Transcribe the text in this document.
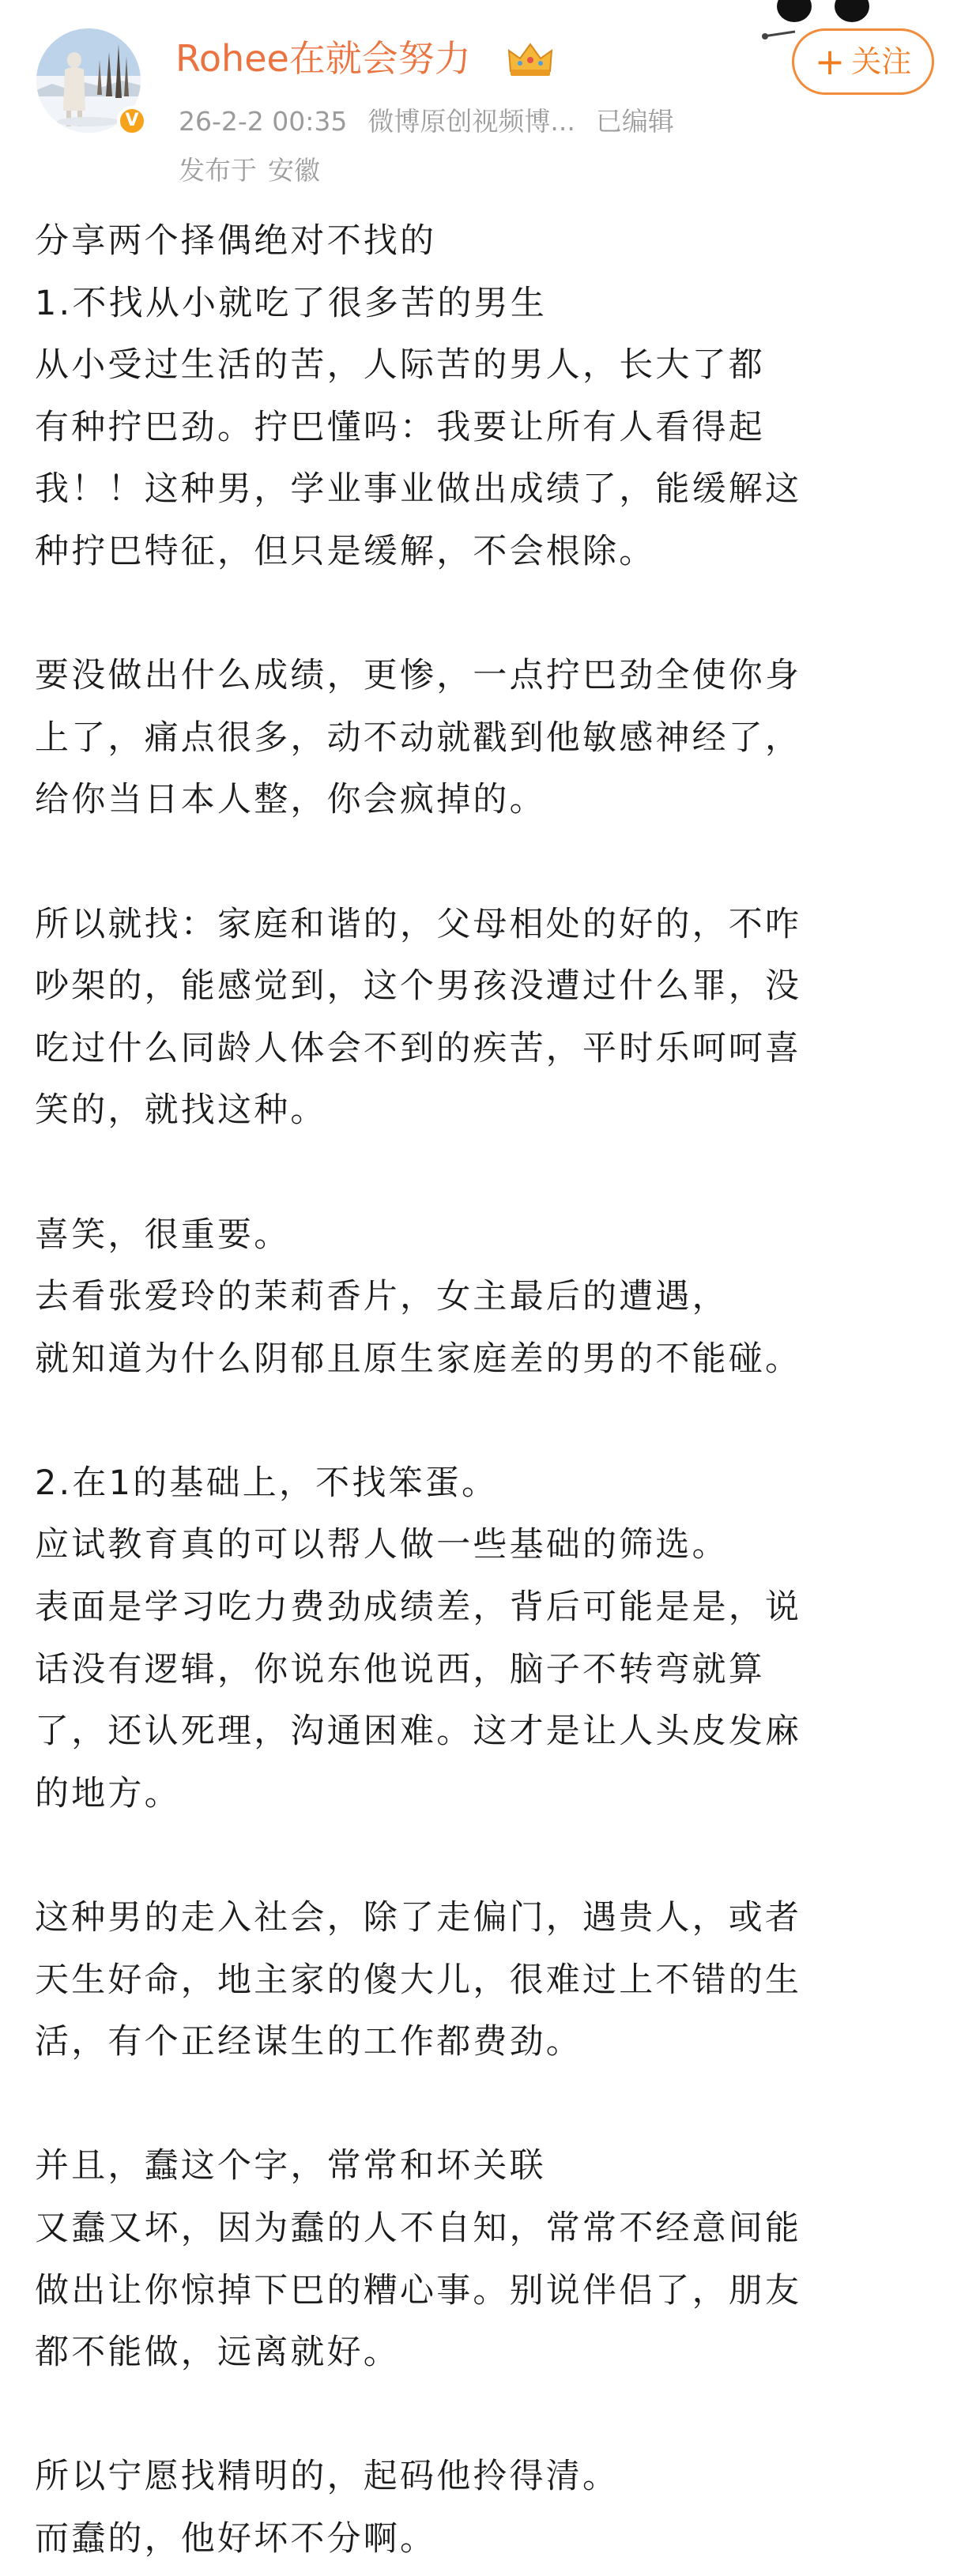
V
Rohee在就会努力
26-2-2 00:35 微博原创视频博... 已编辑
发布于 安徽
+ 关注
分享两个择偶绝对不找的
1.不找从小就吃了很多苦的男生
从小受过生活的苦，人际苦的男人，长大了都
有种拧巴劲。拧巴懂吗：我要让所有人看得起
我！！这种男，学业事业做出成绩了，能缓解这
种拧巴特征，但只是缓解，不会根除。
要没做出什么成绩，更惨，一点拧巴劲全使你身
上了，痛点很多，动不动就戳到他敏感神经了，
给你当日本人整，你会疯掉的。
所以就找：家庭和谐的，父母相处的好的，不咋
吵架的，能感觉到，这个男孩没遭过什么罪，没
吃过什么同龄人体会不到的疾苦，平时乐呵呵喜
笑的，就找这种。
喜笑，很重要。
去看张爱玲的茉莉香片，女主最后的遭遇，
就知道为什么阴郁且原生家庭差的男的不能碰。
2.在1的基础上，不找笨蛋。
应试教育真的可以帮人做一些基础的筛选。
表面是学习吃力费劲成绩差，背后可能是是，说
话没有逻辑，你说东他说西，脑子不转弯就算
了，还认死理，沟通困难。这才是让人头皮发麻
的地方。
这种男的走入社会，除了走偏门，遇贵人，或者
天生好命，地主家的傻大儿，很难过上不错的生
活，有个正经谋生的工作都费劲。
并且，蠢这个字，常常和坏关联
又蠢又坏，因为蠢的人不自知，常常不经意间能
做出让你惊掉下巴的糟心事。别说伴侣了，朋友
都不能做，远离就好。
所以宁愿找精明的，起码他拎得清。
而蠢的，他好坏不分啊。
